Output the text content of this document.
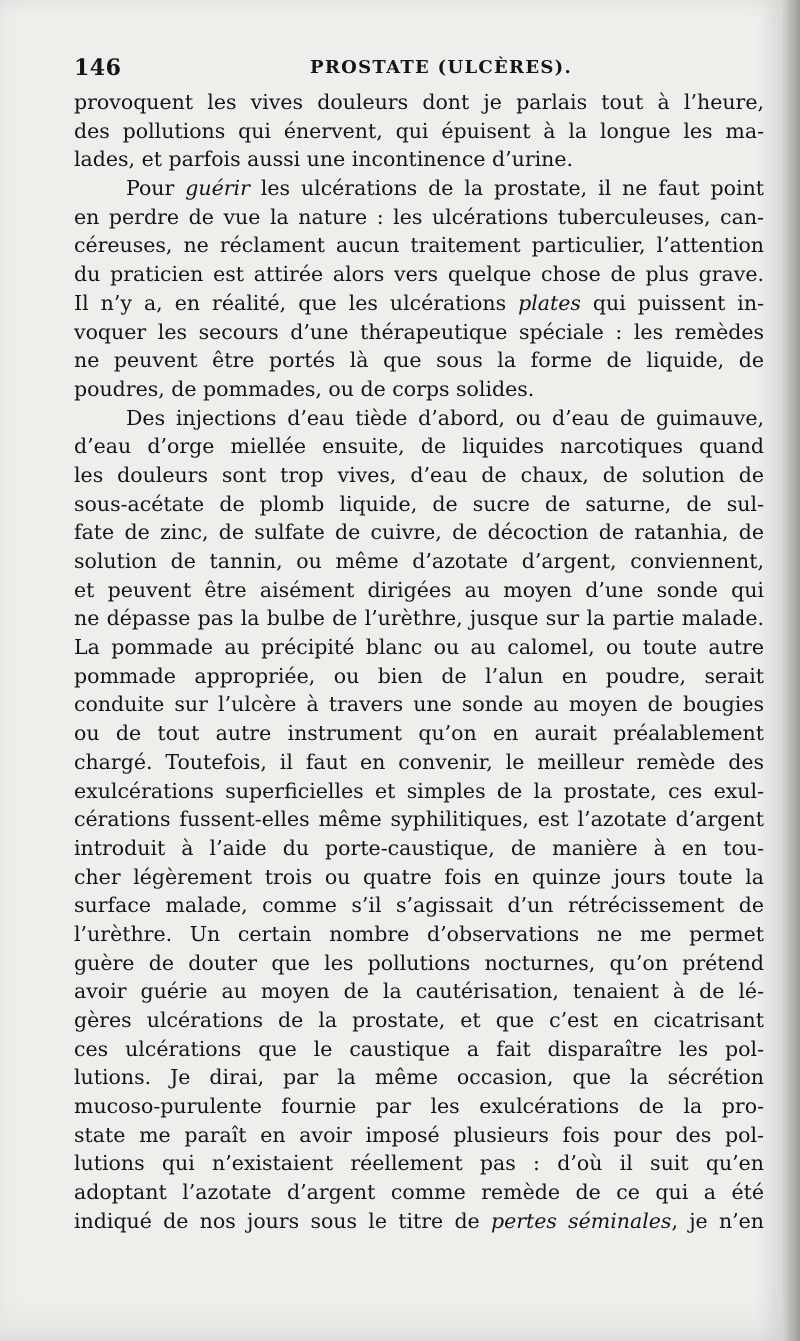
146	PROSTATE (ULCÈRES).
provoquent les vives douleurs dont je parlais tout à l’heure,
des pollutions qui énervent, qui épuisent à la longue les ma-
lades, et parfois aussi une incontinence d’urine.
Pour guérir les ulcérations de la prostate, il ne faut point
en perdre de vue la nature : les ulcérations tuberculeuses, can-
céreuses, ne réclament aucun traitement particulier, l’attention
du praticien est attirée alors vers quelque chose de plus grave.
Il n’y a, en réalité, que les ulcérations plates qui puissent in-
voquer les secours d’une thérapeutique spéciale : les remèdes
ne peuvent être portés là que sous la forme de liquide, de
poudres, de pommades, ou de corps solides.
Des injections d’eau tiède d’abord, ou d’eau de guimauve,
d’eau d’orge miellée ensuite, de liquides narcotiques quand
les douleurs sont trop vives, d’eau de chaux, de solution de
sous-acétate de plomb liquide, de sucre de saturne, de sul-
fate de zinc, de sulfate de cuivre, de décoction de ratanhia, de
solution de tannin, ou même d’azotate d’argent, conviennent,
et peuvent être aisément dirigées au moyen d’une sonde qui
ne dépasse pas la bulbe de l’urèthre, jusque sur la partie malade.
La pommade au précipité blanc ou au calomel, ou toute autre
pommade appropriée, ou bien de l’alun en poudre, serait
conduite sur l’ulcère à travers une sonde au moyen de bougies
ou de tout autre instrument qu’on en aurait préalablement
chargé. Toutefois, il faut en convenir, le meilleur remède des
exulcérations superficielles et simples de la prostate, ces exul-
cérations fussent-elles même syphilitiques, est l’azotate d’argent
introduit à l’aide du porte-caustique, de manière à en tou-
cher légèrement trois ou quatre fois en quinze jours toute la
surface malade, comme s’il s’agissait d’un rétrécissement de
l’urèthre. Un certain nombre d’observations ne me permet
guère de douter que les pollutions nocturnes, qu’on prétend
avoir guérie au moyen de la cautérisation, tenaient à de lé-
gères ulcérations de la prostate, et que c’est en cicatrisant
ces ulcérations que le caustique a fait disparaître les pol-
lutions. Je dirai, par la même occasion, que la sécrétion
mucoso-purulente fournie par les exulcérations de la pro-
state me paraît en avoir imposé plusieurs fois pour des pol-
lutions qui n’existaient réellement pas : d’où il suit qu’en
adoptant l’azotate d’argent comme remède de ce qui a été
indiqué de nos jours sous le titre de pertes séminales, je n’en
